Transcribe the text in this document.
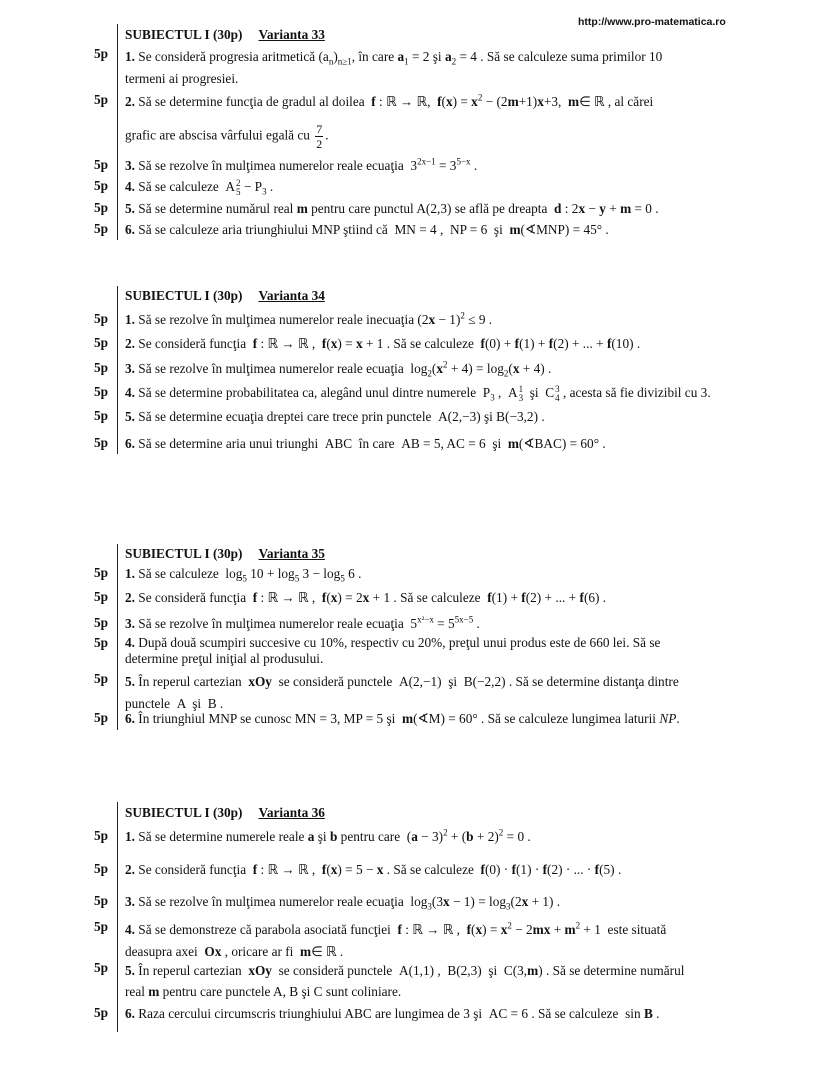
http://www.pro-matematica.ro
SUBIECTUL I (30p) Varianta 33
5p 1. Se consideră progresia aritmetică $(a_n)_{n\ge 1}$, în care $a_1 = 2$ şi $a_2 = 4$ . Să se calculeze suma primilor 10
termeni ai progresiei.
5p 2. Să se determine funcţia de gradul al doilea  f : ℝ → ℝ,  $f(x) = x^2 - (2m+1)x+3$,  m∈ ℝ , al cărei
grafic are abscisa vârfului egală cu $\frac{7}{2}$ .
5p 3. Să se rezolve în mulţimea numerelor reale ecuaţia  $3^{2x-1} = 3^{5-x}$ .
5p 4. Să se calculeze  A 2
$5 - P_3$ .
5p 5. Să se determine numărul real m pentru care punctul A(2,3) se află pe dreapta  d : 2x − y + m = 0 .
5p 6. Să se calculeze aria triunghiului MNP ştiind că  MN = 4 ,  NP = 6  şi  m(∢MNP) = 45° .
SUBIECTUL I (30p) Varianta 34
5p 1. Să se rezolve în mulţimea numerelor reale inecuaţia $(2x - 1)^2 \le 9$ .
5p 2. Se consideră funcţia  f : ℝ → ℝ ,  f(x) = x + 1 . Să se calculeze  f(0) + f(1) + f(2) + ... + f(10) .
5p 3. Să se rezolve în mulţimea numerelor reale ecuaţia  $\log_2(x^2 + 4) = \log_2(x + 4)$ .
5p 4. Să se determine probabilitatea ca, alegând unul dintre numerele  $P_3$ ,  A 1
3 şi  C 3
4 , acesta să fie divizibil cu 3.
5p 5. Să se determine ecuaţia dreptei care trece prin punctele  A(2,−3) şi B(−3,2) .
5p 6. Să se determine aria unui triunghi  ABC  în care  AB = 5, AC = 6  şi  m(∢BAC) = 60° .
SUBIECTUL I (30p) Varianta 35
5p 1. Să se calculeze  $\log_5 10 + \log_5 3 - \log_5 6$ .
5p 2. Se consideră funcţia  f : ℝ → ℝ ,  f(x) = 2x + 1 . Să se calculeze  f(1) + f(2) + ... + f(6) .
5p 3. Să se rezolve în mulţimea numerelor reale ecuaţia  $5^{x^2-x} = 5^{5x-5}$ .
5p 4. După două scumpiri succesive cu 10%, respectiv cu 20%, preţul unui produs este de 660 lei. Să se
determine preţul iniţial al produsului.
5p 5. În reperul cartezian  xOy  se consideră punctele  A(2,−1)  şi  B(−2,2) . Să se determine distanţa dintre
punctele  A  şi  B .
5p 6. În triunghiul MNP se cunosc MN = 3, MP = 5 şi  m(∢M) = 60° . Să se calculeze lungimea laturii NP.
SUBIECTUL I (30p) Varianta 36
5p 1. Să se determine numerele reale a şi b pentru care  $(a - 3)^2 + (b + 2)^2 = 0$ .
5p 2. Se consideră funcţia  f : ℝ → ℝ ,  f(x) = 5 − x . Să se calculeze  f(0) · f(1) · f(2) · ... · f(5) .
5p 3. Să se rezolve în mulţimea numerelor reale ecuaţia  $\log_3(3x - 1) = \log_3(2x + 1)$ .
5p 4. Să se demonstreze că parabola asociată funcţiei  f : ℝ → ℝ ,  $f(x) = x^2 - 2mx + m^2 + 1$  este situată
deasupra axei  Ox , oricare ar fi  m∈ ℝ .
5p 5. În reperul cartezian  xOy  se consideră punctele  A(1,1) ,  B(2,3)  şi  C(3,m) . Să se determine numărul
real m pentru care punctele A, B şi C sunt coliniare.
5p 6. Raza cercului circumscris triunghiului ABC are lungimea de 3 şi  AC = 6 . Să se calculeze  sin B .
